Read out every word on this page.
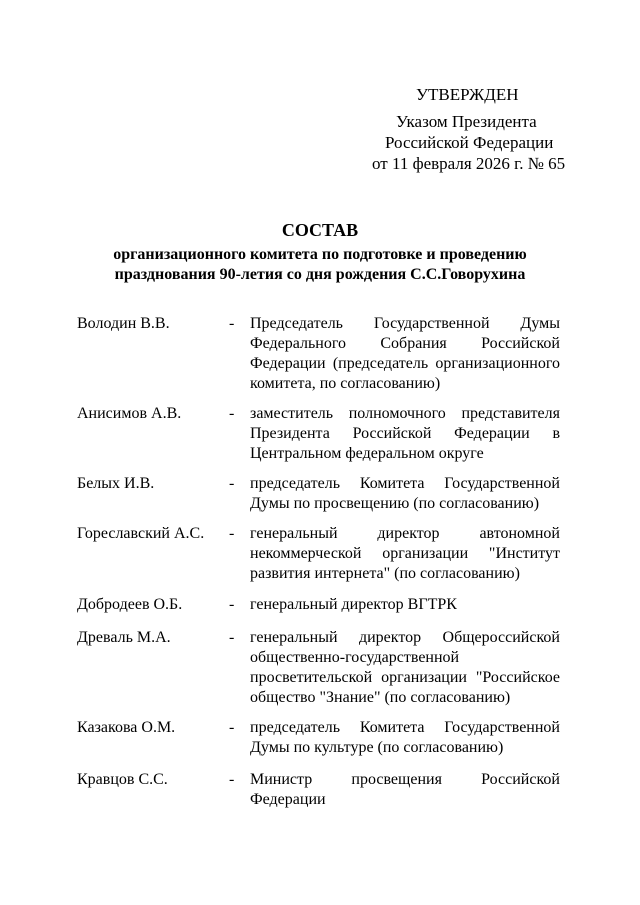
УТВЕРЖДЕН
Указом Президента
Российской Федерации
от 11 февраля 2026 г. № 65
СОСТАВ
организационного комитета по подготовке и проведению
празднования 90-летия со дня рождения С.С.Говорухина
Володин В.В.	- Председатель Государственной Думы Федерального Собрания Российской Федерации (председатель организационного комитета, по согласованию)
Анисимов А.В.	- заместитель полномочного представителя Президента Российской Федерации в Центральном федеральном округе
Белых И.В.	- председатель Комитета Государственной Думы по просвещению (по согласованию)
Гореславский А.С. - генеральный директор автономной некоммерческой организации "Институт развития интернета" (по согласованию)
Добродеев О.Б.	- генеральный директор ВГТРК
Древаль М.А.	- генеральный директор Общероссийской общественно-государственной просветительской организации "Российское общество "Знание" (по согласованию)
Казакова О.М.	- председатель Комитета Государственной Думы по культуре (по согласованию)
Кравцов С.С.	- Министр просвещения Российской Федерации
